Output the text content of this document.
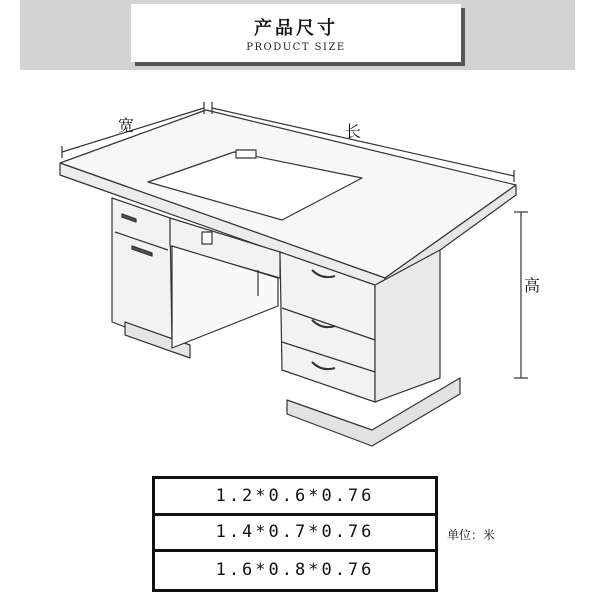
产品尺寸
PRODUCT SIZE
宽	长
高
1.2*0.6*0.76
1.4*0.7*0.76
1.6*0.8*0.76
单位：米
